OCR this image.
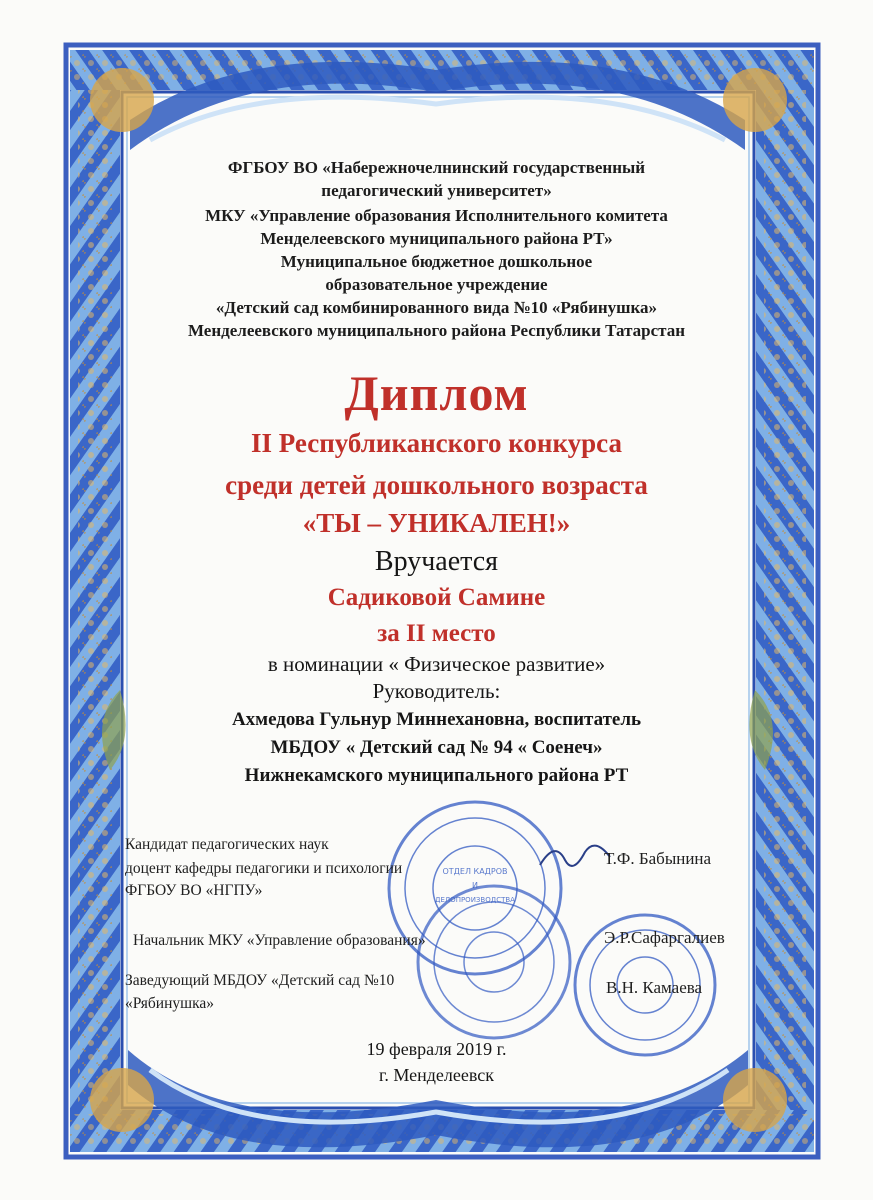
ФГБОУ ВО «Набережночелнинский государственный
педагогический университет»
МКУ «Управление образования Исполнительного комитета
Менделеевского муниципального района РТ»
Муниципальное бюджетное дошкольное
образовательное учреждение
«Детский сад комбинированного вида №10 «Рябинушка»
Менделеевского муниципального района Республики Татарстан
Диплом
II Республиканского конкурса
среди детей дошкольного возраста
«ТЫ – УНИКАЛЕН!»
Вручается
Садиковой Самине
за II место
в номинации « Физическое развитие»
Руководитель:
Ахмедова Гульнур Миннехановна, воспитатель
МБДОУ « Детский сад № 94 « Соенеч»
Нижнекамского муниципального района РТ
ОТДЕЛ КАДРОВ
И
ДЕЛОПРОИЗВОДСТВА
Кандидат педагогических наук
доцент кафедры педагогики и психологии
ФГБОУ ВО «НГПУ»
Т.Ф. Бабынина
Начальник МКУ «Управление образования»	Э.Р.Сафаргалиев
Заведующий МБДОУ «Детский сад №10
«Рябинушка»
В.Н. Камаева
19 февраля 2019 г.
г. Менделеевск
